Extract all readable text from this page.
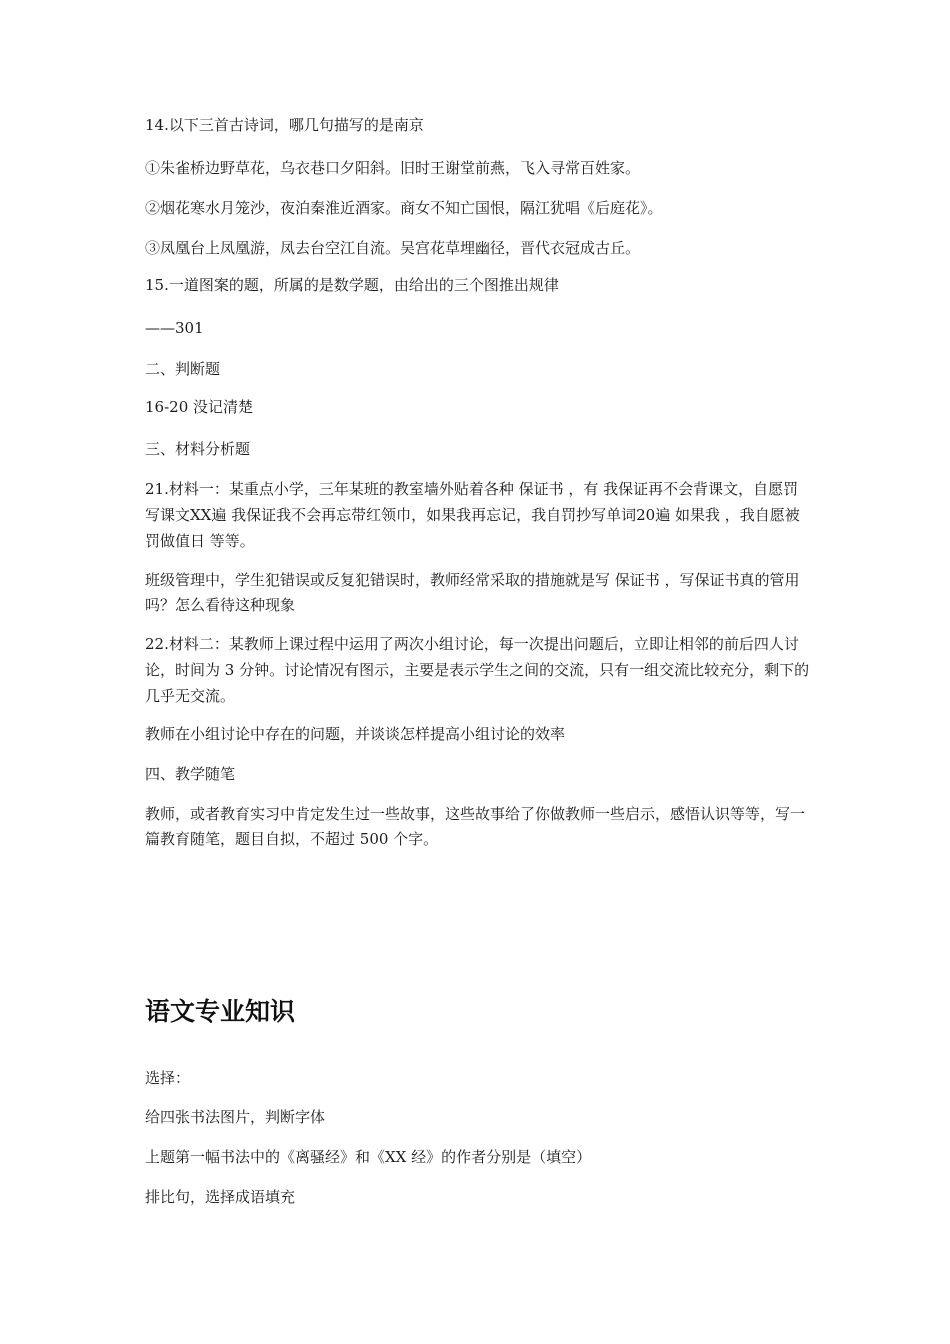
14.以下三首古诗词，哪几句描写的是南京

①朱雀桥边野草花，乌衣巷口夕阳斜。旧时王谢堂前燕，飞入寻常百姓家。

②烟花寒水月笼沙，夜泊秦淮近酒家。商女不知亡国恨，隔江犹唱《后庭花》。

③凤凰台上凤凰游，凤去台空江自流。吴宫花草埋幽径，晋代衣冠成古丘。

15.一道图案的题，所属的是数学题，由给出的三个图推出规律

——301

二、判断题

16-20 没记清楚

三、材料分析题

21.材料一：某重点小学，三年某班的教室墙外贴着各种 保证书 ，有 我保证再不会背课文，自愿罚写课文XX遍 我保证我不会再忘带红领巾，如果我再忘记，我自罚抄写单词20遍 如果我 ，我自愿被罚做值日 等等。

班级管理中，学生犯错误或反复犯错误时，教师经常采取的措施就是写 保证书 ，写保证书真的管用吗？怎么看待这种现象

22.材料二：某教师上课过程中运用了两次小组讨论，每一次提出问题后，立即让相邻的前后四人讨论，时间为 3 分钟。讨论情况有图示，主要是表示学生之间的交流，只有一组交流比较充分，剩下的几乎无交流。

教师在小组讨论中存在的问题，并谈谈怎样提高小组讨论的效率

四、教学随笔

教师，或者教育实习中肯定发生过一些故事，这些故事给了你做教师一些启示，感悟认识等等，写一篇教育随笔，题目自拟，不超过 500 个字。

语文专业知识

选择：

给四张书法图片，判断字体

上题第一幅书法中的《离骚经》和《XX 经》的作者分别是（填空）

排比句，选择成语填充
